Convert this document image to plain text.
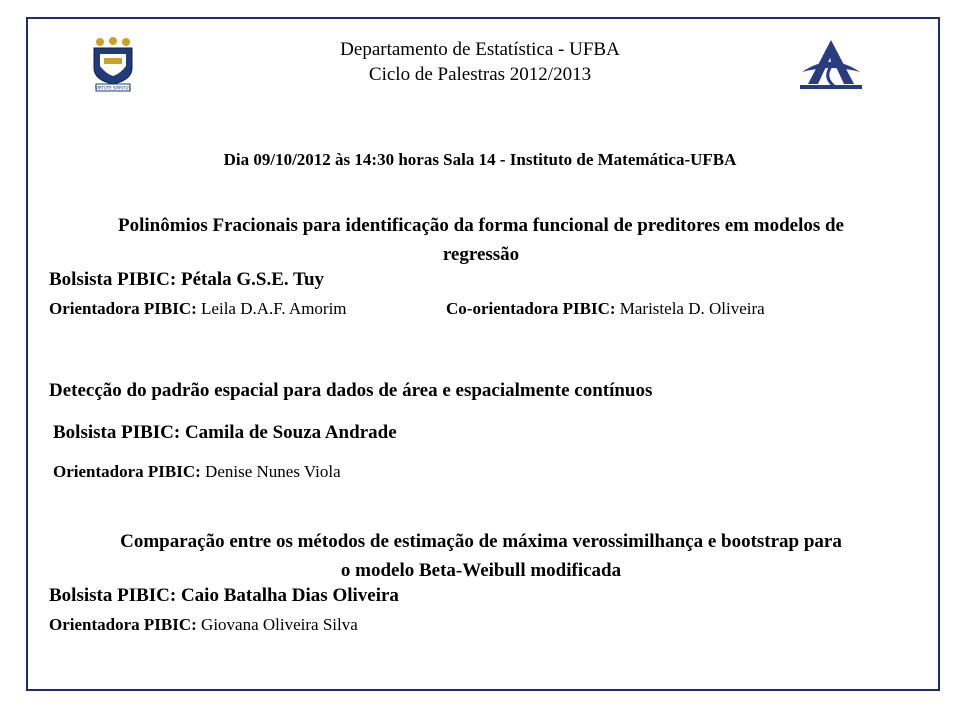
VIRTUTE SPIRITUS
Departamento de Estatística - UFBA
Ciclo de Palestras 2012/2013
Dia 09/10/2012 às 14:30 horas Sala 14 - Instituto de Matemática-UFBA
Polinômios Fracionais para identificação da forma funcional de preditores em modelos de
regressão
Bolsista PIBIC: Pétala G.S.E. Tuy
Orientadora PIBIC: Leila D.A.F. Amorim	Co-orientadora PIBIC: Maristela D. Oliveira
Detecção do padrão espacial para dados de área e espacialmente contínuos
Bolsista PIBIC: Camila de Souza Andrade
Orientadora PIBIC: Denise Nunes Viola
Comparação entre os métodos de estimação de máxima verossimilhança e bootstrap para
o modelo Beta-Weibull modificada
Bolsista PIBIC: Caio Batalha Dias Oliveira
Orientadora PIBIC: Giovana Oliveira Silva
